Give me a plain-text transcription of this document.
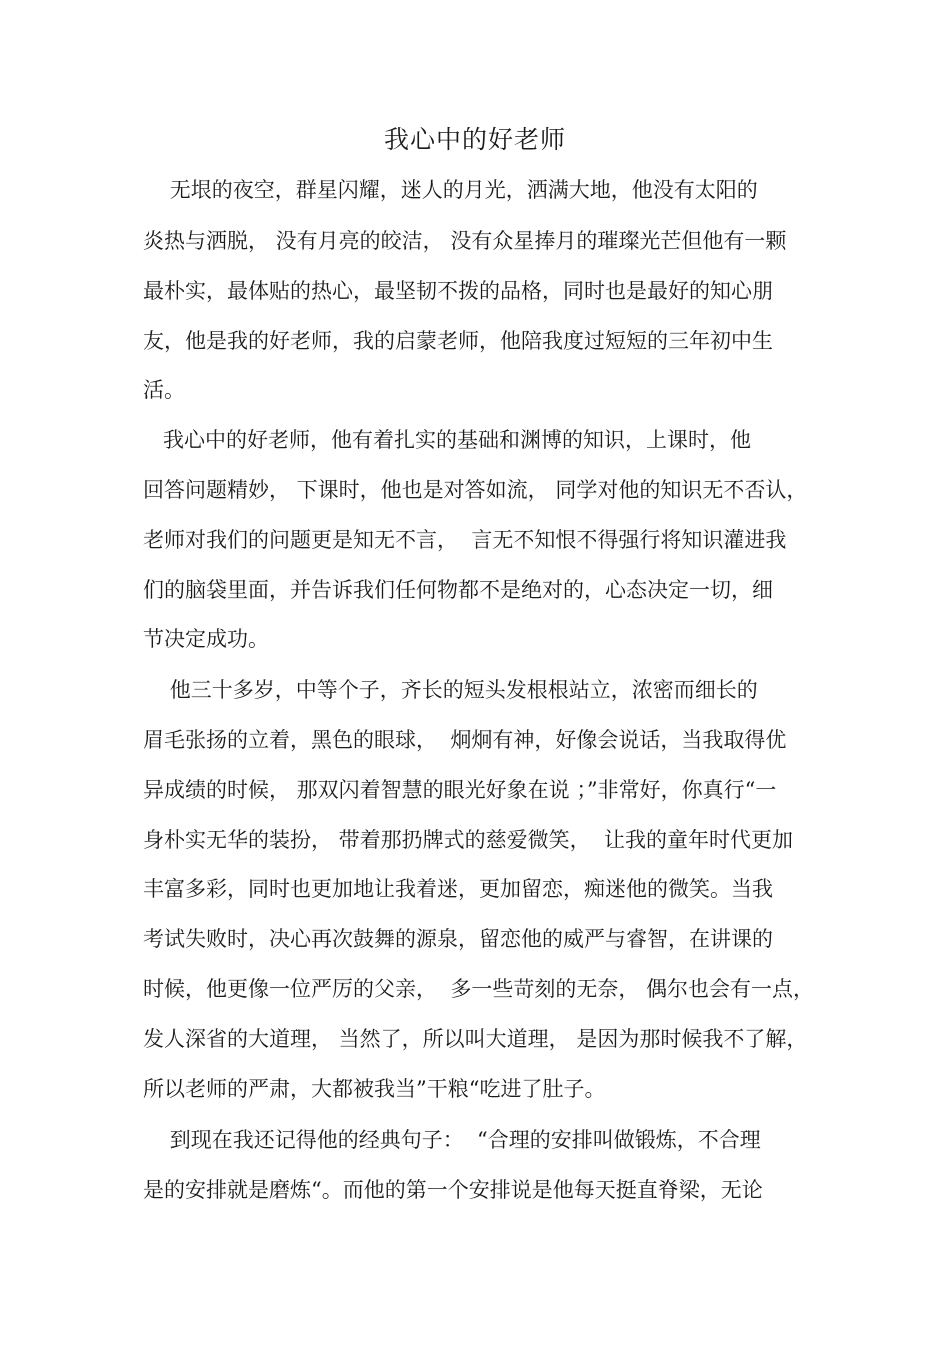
我心中的好老师
无垠的夜空，群星闪耀，迷人的月光，洒满大地，他没有太阳的
炎热与洒脱， 没有月亮的皎洁， 没有众星捧月的璀璨光芒但他有一颗
最朴实，最体贴的热心，最坚韧不拨的品格，同时也是最好的知心朋
友，他是我的好老师，我的启蒙老师，他陪我度过短短的三年初中生
活。
我心中的好老师，他有着扎实的基础和渊博的知识，上课时，他
回答问题精妙， 下课时，他也是对答如流， 同学对他的知识无不否认，
老师对我们的问题更是知无不言，  言无不知恨不得强行将知识灌进我
们的脑袋里面，并告诉我们任何物都不是绝对的，心态决定一切，细
节决定成功。
他三十多岁，中等个子，齐长的短头发根根站立，浓密而细长的
眉毛张扬的立着，黑色的眼球，  炯炯有神，好像会说话，当我取得优
异成绩的时候， 那双闪着智慧的眼光好象在说 ；”非常好，你真行“一
身朴实无华的装扮， 带着那扔牌式的慈爱微笑，  让我的童年时代更加
丰富多彩，同时也更加地让我着迷，更加留恋，痴迷他的微笑。当我
考试失败时，决心再次鼓舞的源泉，留恋他的威严与睿智，在讲课的
时候，他更像一位严厉的父亲，  多一些苛刻的无奈， 偶尔也会有一点，
发人深省的大道理， 当然了，所以叫大道理， 是因为那时候我不了解，
所以老师的严肃，大都被我当”干粮“吃进了肚子。
到现在我还记得他的经典句子：  “合理的安排叫做锻炼，不合理
是的安排就是磨炼“。而他的第一个安排说是他每天挺直脊梁，无论
